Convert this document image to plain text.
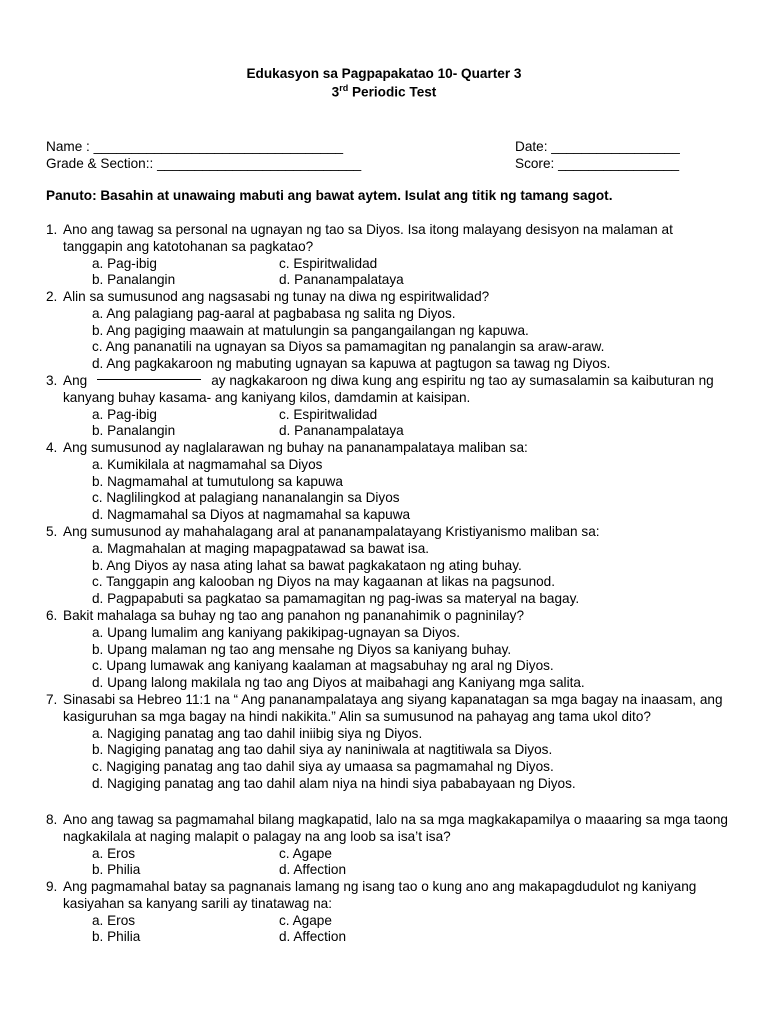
Edukasyon sa Pagpapakatao 10- Quarter 3
3rd Periodic Test
Name : _________________________________	Date: _________________
Grade & Section:: ___________________________	Score: ________________
Panuto: Basahin at unawaing mabuti ang bawat aytem. Isulat ang titik ng tamang sagot.
1. Ano ang tawag sa personal na ugnayan ng tao sa Diyos. Isa itong malayang desisyon na malaman at tanggapin ang katotohanan sa pagkatao?
a. Pag-ibig	c. Espiritwalidad
b. Panalangin	d. Pananampalataya
2. Alin sa sumusunod ang nagsasabi ng tunay na diwa ng espiritwalidad?
a. Ang palagiang pag-aaral at pagbabasa ng salita ng Diyos.
b. Ang pagiging maawain at matulungin sa pangangailangan ng kapuwa.
c. Ang pananatili na ugnayan sa Diyos sa pamamagitan ng panalangin sa araw-araw.
d. Ang pagkakaroon ng mabuting ugnayan sa kapuwa at pagtugon sa tawag ng Diyos.
3. Ang	ay nagkakaroon ng diwa kung ang espiritu ng tao ay sumasalamin sa kaibuturan ng kanyang buhay kasama- ang kaniyang kilos, damdamin at kaisipan.
a. Pag-ibig	c. Espiritwalidad
b. Panalangin	d. Pananampalataya
4. Ang sumusunod ay naglalarawan ng buhay na pananampalataya maliban sa:
a. Kumikilala at nagmamahal sa Diyos
b. Nagmamahal at tumutulong sa kapuwa
c. Naglilingkod at palagiang nananalangin sa Diyos
d. Nagmamahal sa Diyos at nagmamahal sa kapuwa
5. Ang sumusunod ay mahahalagang aral at pananampalatayang Kristiyanismo maliban sa:
a. Magmahalan at maging mapagpatawad sa bawat isa.
b. Ang Diyos ay nasa ating lahat sa bawat pagkakataon ng ating buhay.
c. Tanggapin ang kalooban ng Diyos na may kagaanan at likas na pagsunod.
d. Pagpapabuti sa pagkatao sa pamamagitan ng pag-iwas sa materyal na bagay.
6. Bakit mahalaga sa buhay ng tao ang panahon ng pananahimik o pagninilay?
a. Upang lumalim ang kaniyang pakikipag-ugnayan sa Diyos.
b. Upang malaman ng tao ang mensahe ng Diyos sa kaniyang buhay.
c. Upang lumawak ang kaniyang kaalaman at magsabuhay ng aral ng Diyos.
d. Upang lalong makilala ng tao ang Diyos at maibahagi ang Kaniyang mga salita.
7. Sinasabi sa Hebreo 11:1 na “ Ang pananampalataya ang siyang kapanatagan sa mga bagay na inaasam, ang kasiguruhan sa mga bagay na hindi nakikita.” Alin sa sumusunod na pahayag ang tama ukol dito?
a. Nagiging panatag ang tao dahil iniibig siya ng Diyos.
b. Nagiging panatag ang tao dahil siya ay naniniwala at nagtitiwala sa Diyos.
c. Nagiging panatag ang tao dahil siya ay umaasa sa pagmamahal ng Diyos.
d. Nagiging panatag ang tao dahil alam niya na hindi siya pababayaan ng Diyos.
8. Ano ang tawag sa pagmamahal bilang magkapatid, lalo na sa mga magkakapamilya o maaaring sa mga taong nagkakilala at naging malapit o palagay na ang loob sa isa’t isa?
a. Eros	c. Agape
b. Philia	d. Affection
9. Ang pagmamahal batay sa pagnanais lamang ng isang tao o kung ano ang makapagdudulot ng kaniyang kasiyahan sa kanyang sarili ay tinatawag na:
a. Eros	c. Agape
b. Philia	d. Affection
